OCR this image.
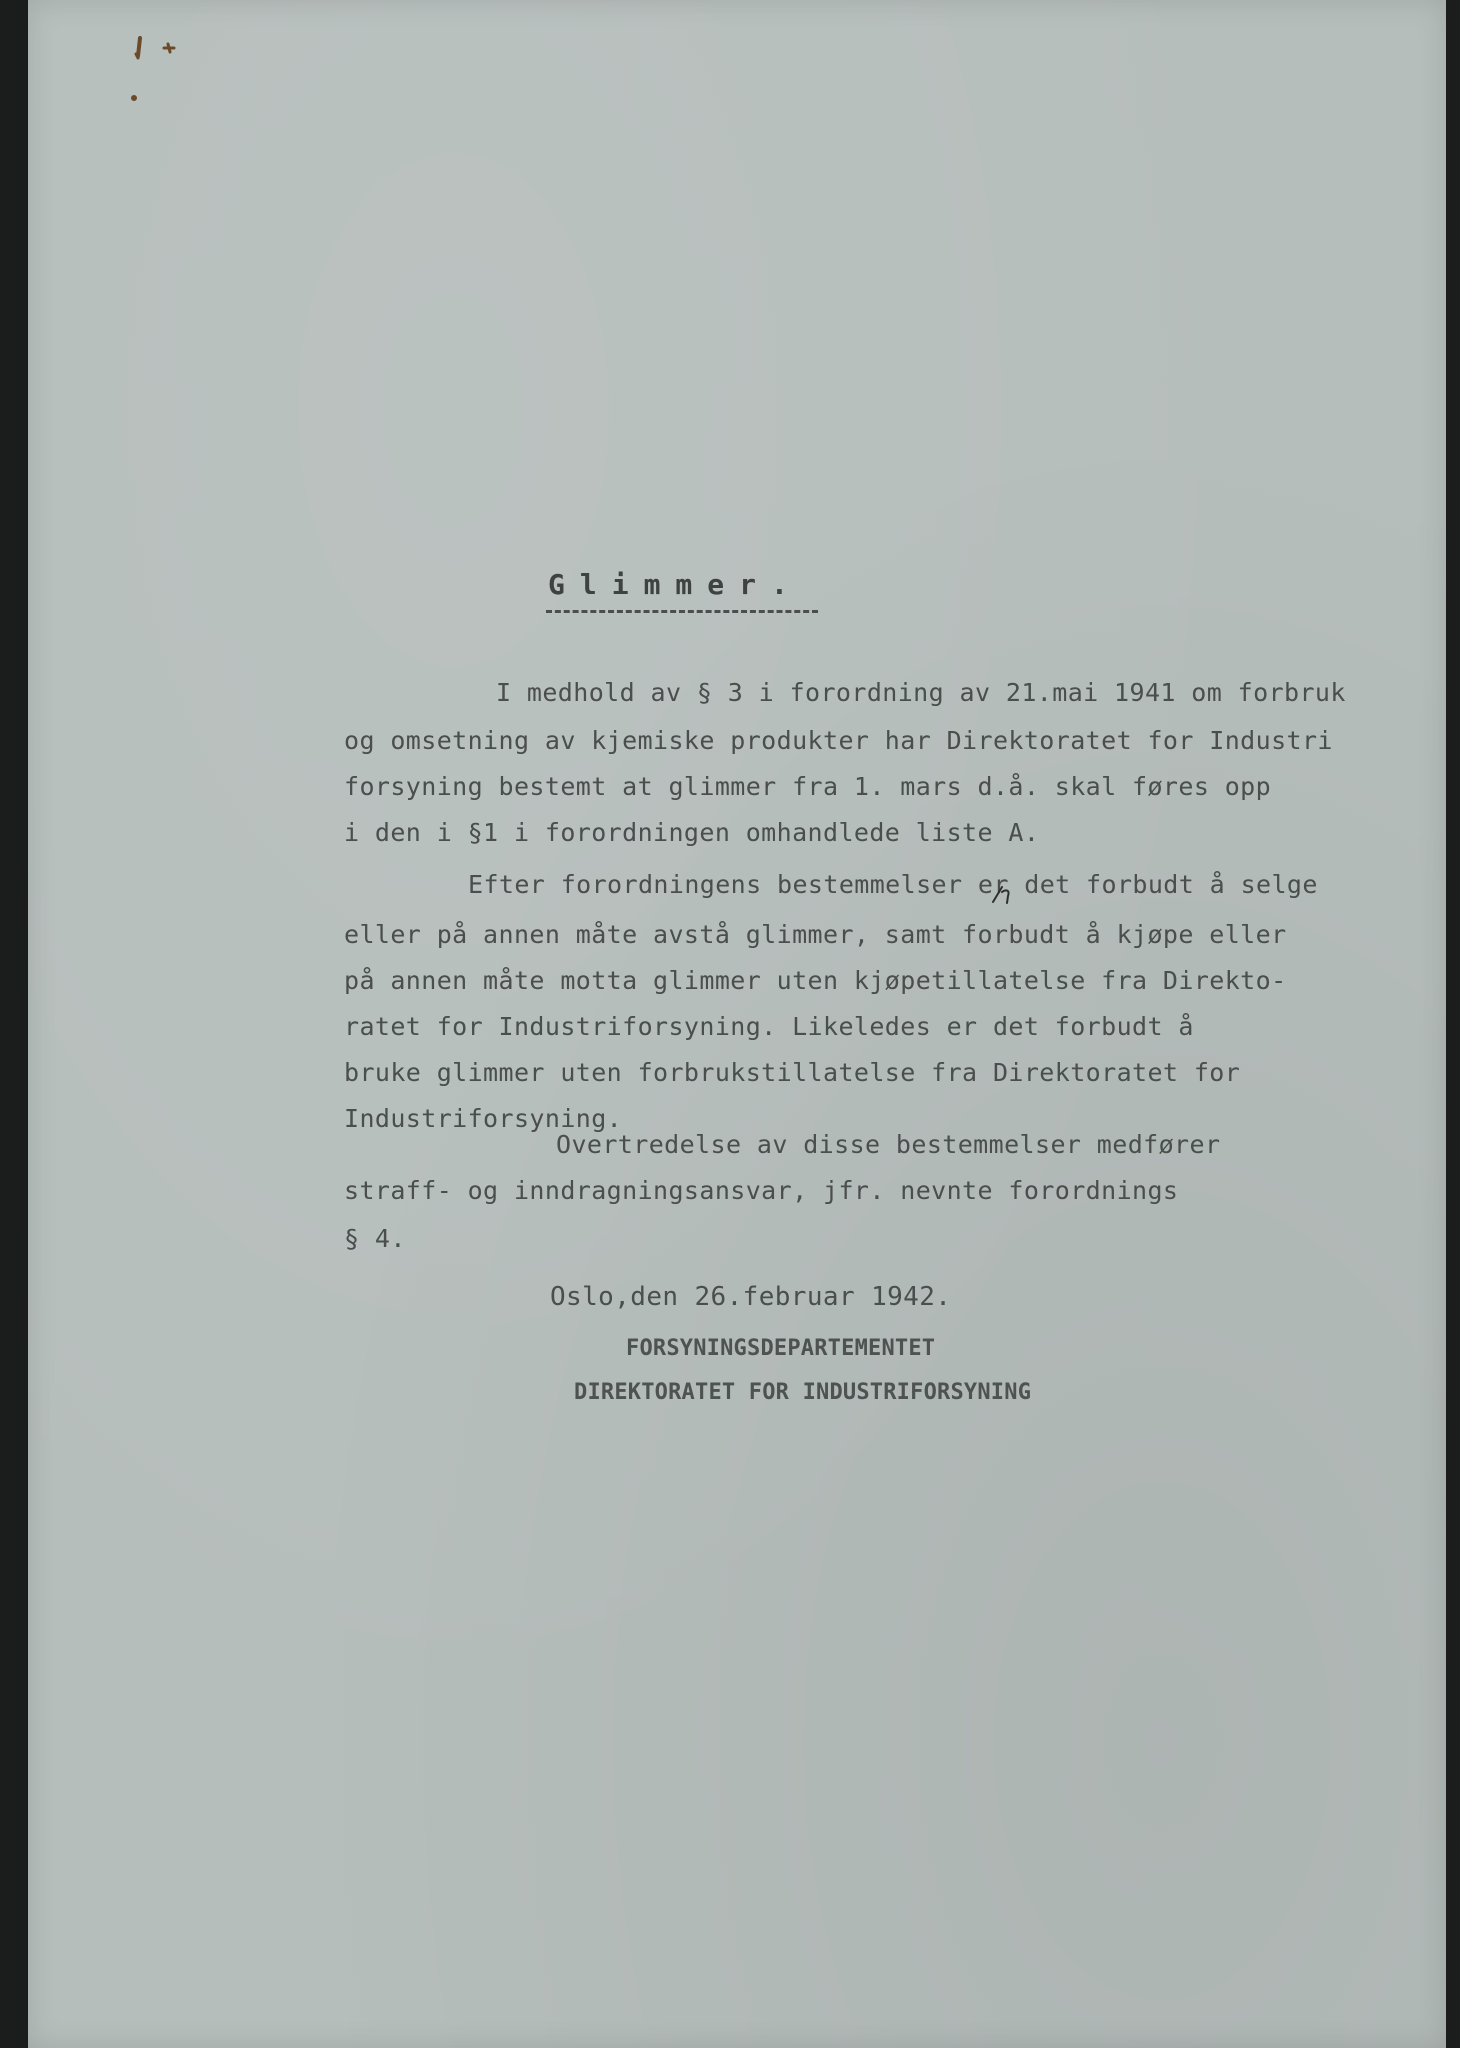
Glimmer.
I medhold av § 3 i forordning av 21.mai 1941 om forbruk
og omsetning av kjemiske produkter har Direktoratet for Industri
forsyning bestemt at glimmer fra 1. mars d.å. skal føres opp
i den i §1 i forordningen omhandlede liste A.
Efter forordningens bestemmelser er det forbudt å selge
eller på annen måte avstå glimmer, samt forbudt å kjøpe eller
på annen måte motta glimmer uten kjøpetillatelse fra Direkto-
ratet for Industriforsyning. Likeledes er det forbudt å
bruke glimmer uten forbrukstillatelse fra Direktoratet for
Industriforsyning.
Overtredelse av disse bestemmelser medfører
straff- og inndragningsansvar, jfr. nevnte forordnings
§ 4.
Oslo,den 26.februar 1942.
FORSYNINGSDEPARTEMENTET
DIREKTORATET FOR INDUSTRIFORSYNING
